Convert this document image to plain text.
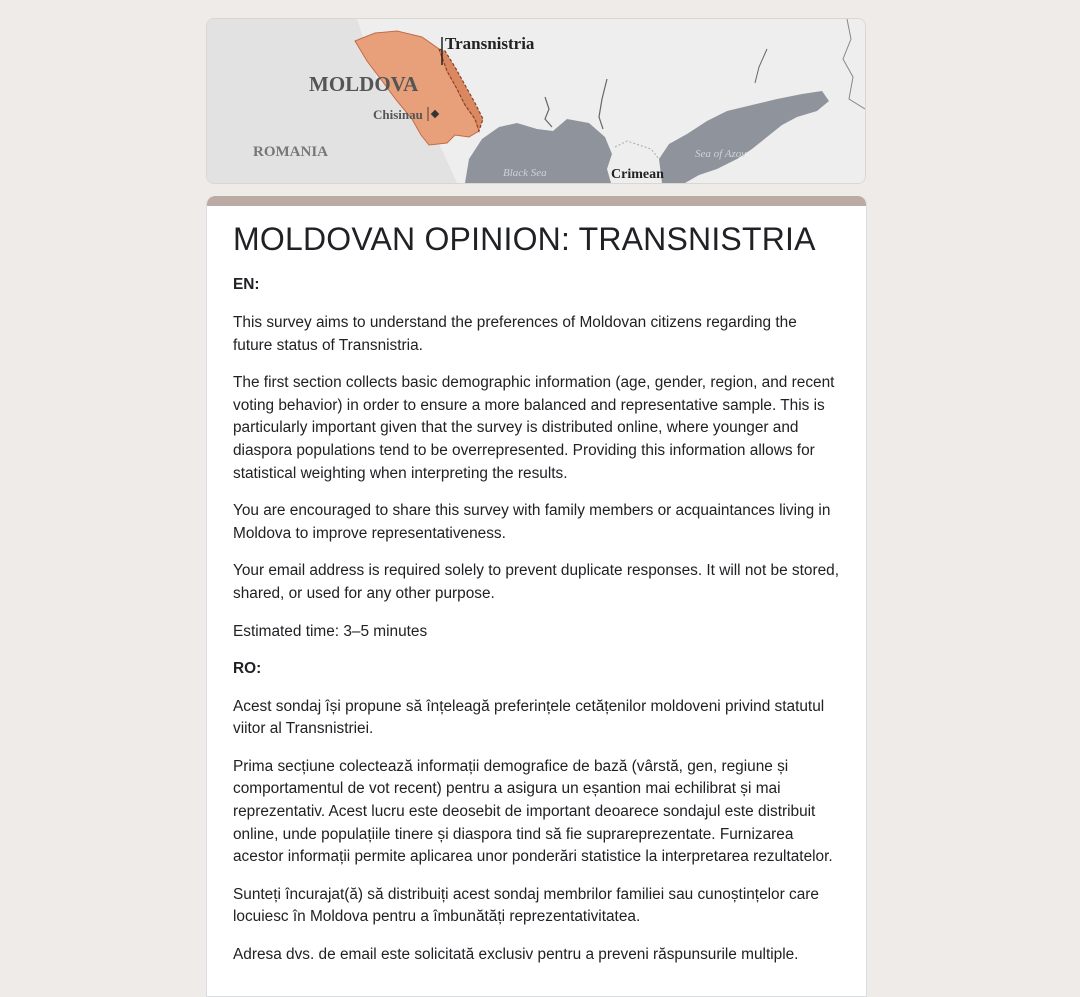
Transnistria
MOLDOVA
Chisinau
ROMANIA
Black Sea
Sea of Azov
Crimean
MOLDOVAN OPINION: TRANSNISTRIA

EN:

This survey aims to understand the preferences of Moldovan citizens regarding the future status of Transnistria.

The first section collects basic demographic information (age, gender, region, and recent voting behavior) in order to ensure a more balanced and representative sample. This is particularly important given that the survey is distributed online, where younger and diaspora populations tend to be overrepresented. Providing this information allows for statistical weighting when interpreting the results.

You are encouraged to share this survey with family members or acquaintances living in Moldova to improve representativeness.

Your email address is required solely to prevent duplicate responses. It will not be stored, shared, or used for any other purpose.

Estimated time: 3–5 minutes

RO:

Acest sondaj își propune să înțeleagă preferințele cetățenilor moldoveni privind statutul viitor al Transnistriei.

Prima secțiune colectează informații demografice de bază (vârstă, gen, regiune și comportamentul de vot recent) pentru a asigura un eșantion mai echilibrat și mai reprezentativ. Acest lucru este deosebit de important deoarece sondajul este distribuit online, unde populațiile tinere și diaspora tind să fie suprareprezentate. Furnizarea acestor informații permite aplicarea unor ponderări statistice la interpretarea rezultatelor.

Sunteți încurajat(ă) să distribuiți acest sondaj membrilor familiei sau cunoștințelor care locuiesc în Moldova pentru a îmbunătăți reprezentativitatea.

Adresa dvs. de email este solicitată exclusiv pentru a preveni răspunsurile multiple.
